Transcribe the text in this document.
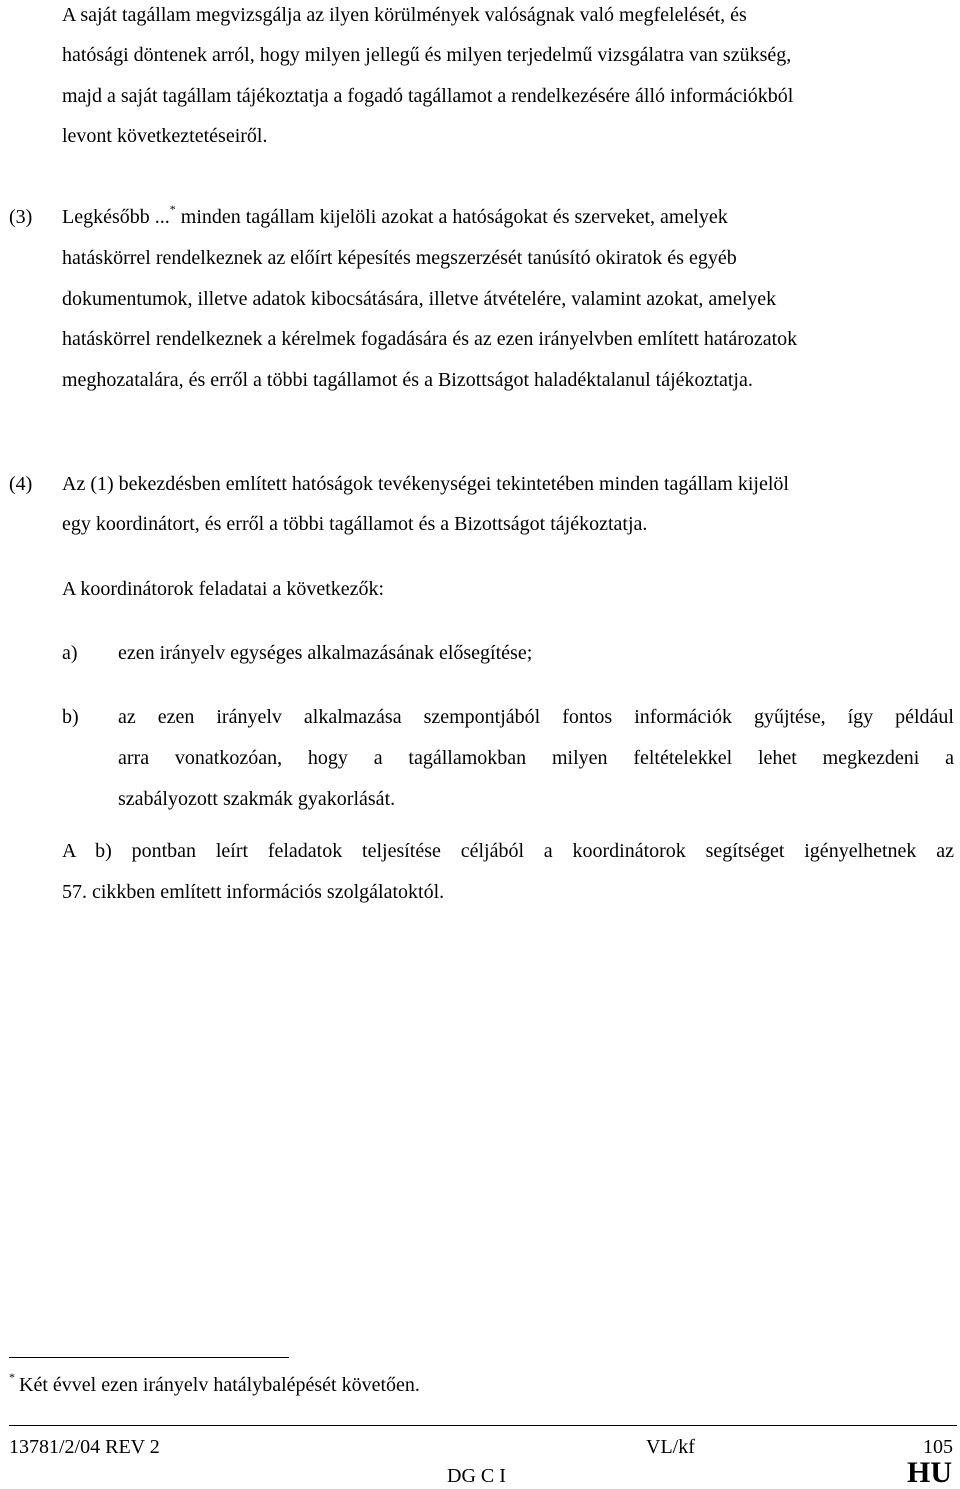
A saját tagállam megvizsgálja az ilyen körülmények valóságnak való megfelelését, és
hatósági döntenek arról, hogy milyen jellegű és milyen terjedelmű vizsgálatra van szükség,
majd a saját tagállam tájékoztatja a fogadó tagállamot a rendelkezésére álló információkból
levont következtetéseiről.
(3) Legkésőbb ...* minden tagállam kijelöli azokat a hatóságokat és szerveket, amelyek
hatáskörrel rendelkeznek az előírt képesítés megszerzését tanúsító okiratok és egyéb
dokumentumok, illetve adatok kibocsátására, illetve átvételére, valamint azokat, amelyek
hatáskörrel rendelkeznek a kérelmek fogadására és az ezen irányelvben említett határozatok
meghozatalára, és erről a többi tagállamot és a Bizottságot haladéktalanul tájékoztatja.
(4) Az (1) bekezdésben említett hatóságok tevékenységei tekintetében minden tagállam kijelöl
egy koordinátort, és erről a többi tagállamot és a Bizottságot tájékoztatja.
A koordinátorok feladatai a következők:
a) ezen irányelv egységes alkalmazásának elősegítése;
b) az ezen irányelv alkalmazása szempontjából fontos információk gyűjtése, így például
arra vonatkozóan, hogy a tagállamokban milyen feltételekkel lehet megkezdeni a
szabályozott szakmák gyakorlását.
A b) pontban leírt feladatok teljesítése céljából a koordinátorok segítséget igényelhetnek az
57. cikkben említett információs szolgálatoktól.
* Két évvel ezen irányelv hatálybalépését követően.
13781/2/04 REV 2	VL/kf	105
DG C I	HU
